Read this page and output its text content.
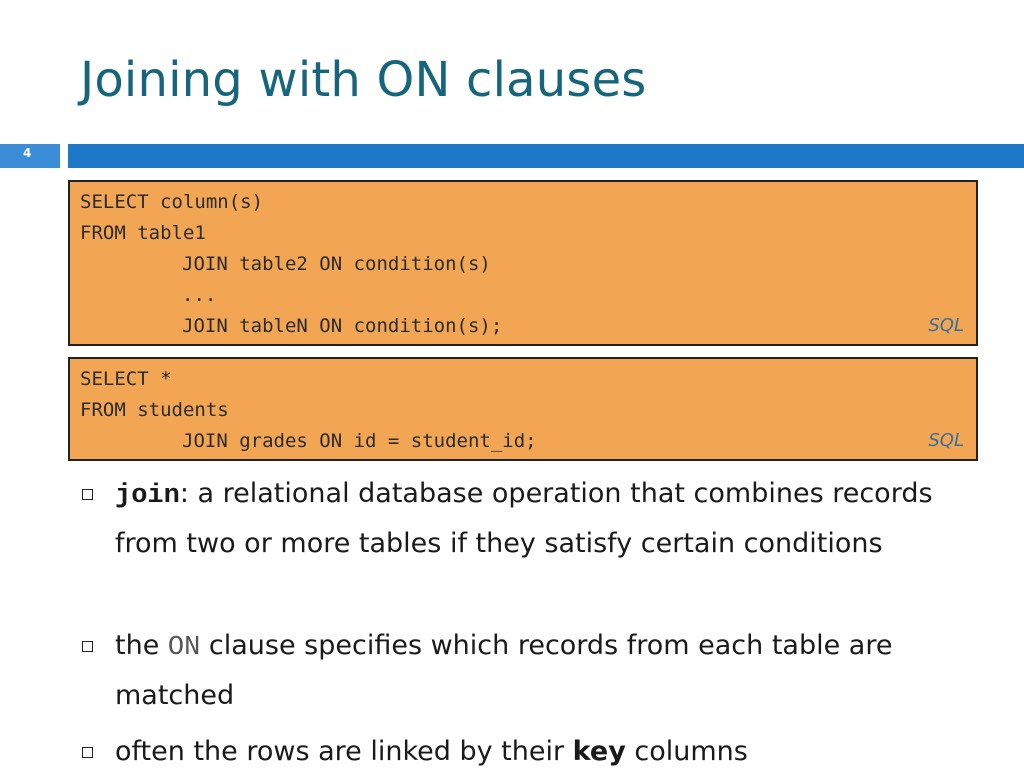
Joining with ON clauses
4
SELECT column(s)
FROM table1
JOIN table2 ON condition(s)
...
JOIN tableN ON condition(s);	SQL
SELECT *
FROM students
JOIN grades ON id = student_id;	SQL
join: a relational database operation that combines records from two or more tables if they satisfy certain conditions
the ON clause specifies which records from each table are matched
often the rows are linked by their key columns
